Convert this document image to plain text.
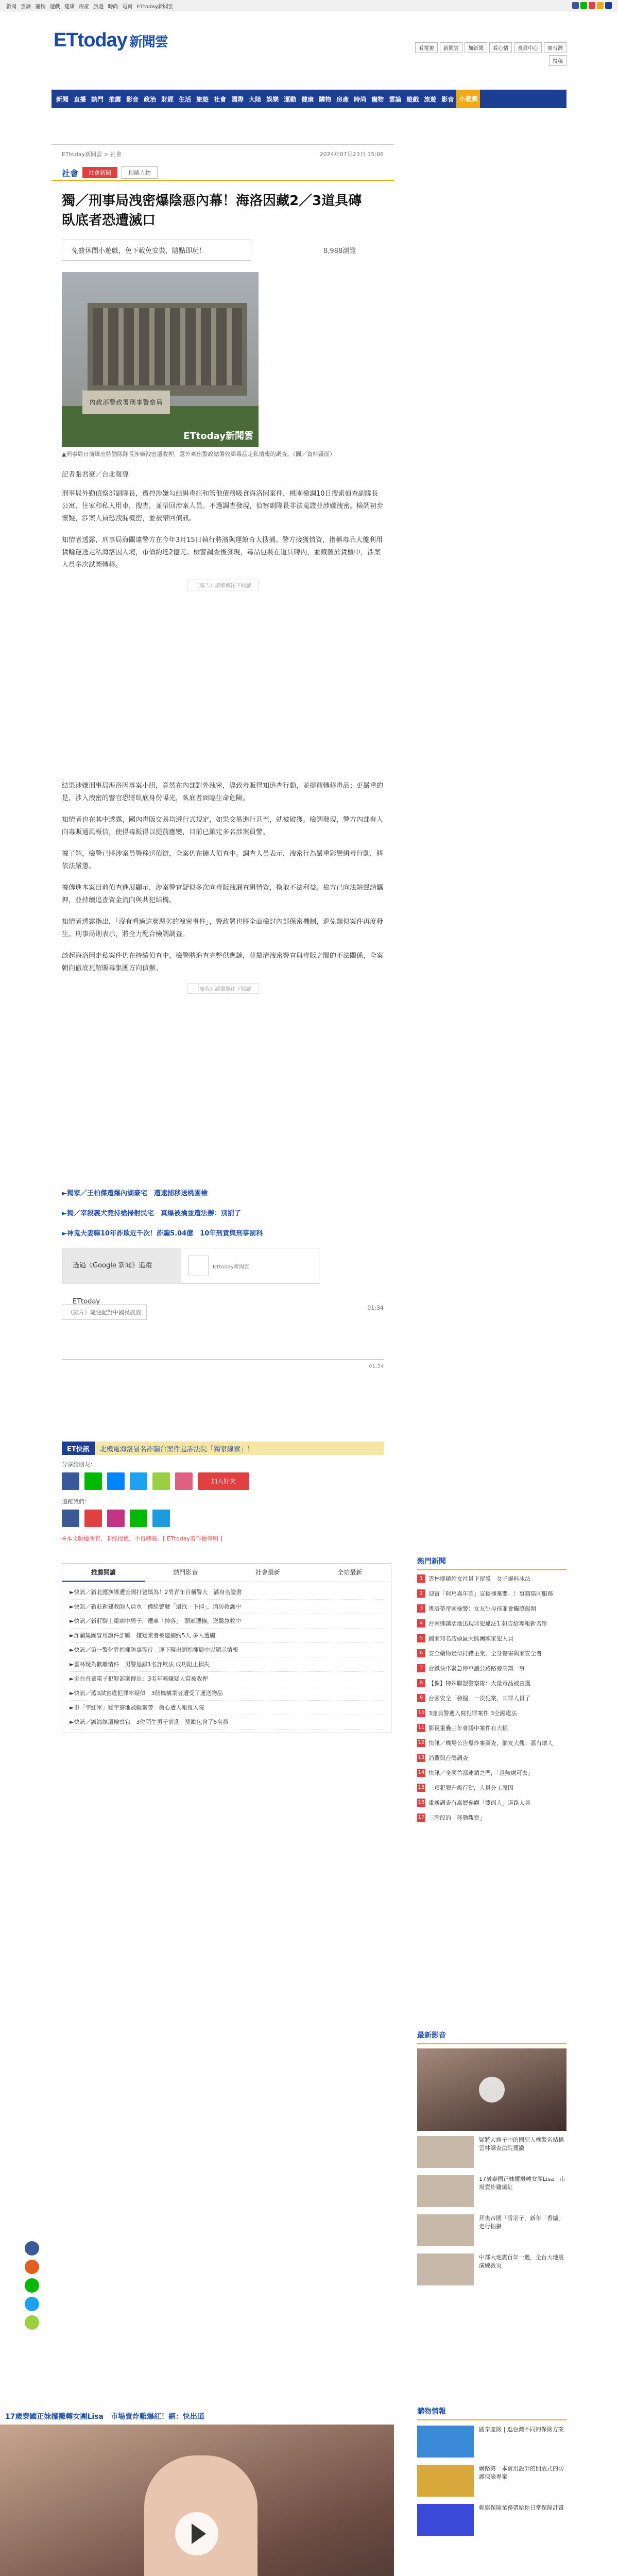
新聞 雲論 寵物 遊戲 健康 房產 旅遊 時尚 電商 ETtoday新聞雲
ETtoday 新聞雲	看電視	新聞雲	加新聞	看心情	會員中心	開台灣
投稿
新聞 直播 熱門 推薦 影音 政治 財經 生活 旅遊 社會 國際 大陸 娛樂 運動 健康 購物 房產 時尚 寵物 雲論 遊戲 旅遊 影音 小遊戲
ETtoday新聞雲 > 社會	2024年07月23日 15:08
社會	社會新聞	相關人物
獨／刑事局洩密爆陰惡內幕！海洛因藏2／3道具磚　臥底者恐遭滅口
免費休閒小遊戲，免下載免安裝，隨點即玩！	8,988瀏覽
內政部警政署刑事警察局
ETtoday新聞雲
▲刑事局日前爆出特勤隊隊長涉嫌洩密遭收押，意外牽出警政總署收緝毒品走私情報的調查。（圖／資料畫面）
記者張君豪／台北報導
刑事局外勤偵察部副隊長，遭控涉嫌勾結緝毒組和管他債務吸食海洛因案件，桃園檢調10日搜索偵查副隊長公寓、住家和私人用車，搜查，並帶回涉案人員。不過調查發現，偵察副隊長非法蒐證並涉嫌洩密。檢調初步懷疑，涉案人員恐洩漏機密，並被帶回偵訊。
知情者透露，刑事局海關違警方在今年3月15日執行將濱與運館奇大搜捕。警方接獲情資，指稱毒品大盤利用貨輪運送走私海洛因入境，市價約達2億元。檢警調查後發現，毒品包裝在道具磚內，並藏匿於貨櫃中，涉案人員多次試圖轉移。
（廣告）請繼續往下閱讀
結果涉嫌刑事局海洛因專案小組，竟然在內部對外洩密，導致毒販得知追查行動，並提前轉移毒品；更嚴重的是，涉入洩密的警官恐將臥底身份曝光，臥底者面臨生命危險。
知情者也在其中透露，國內毒販交易均遵行式規定，如果交易進行甚至，就被破獲。檢調發現，警方內部有人向毒販通風報信，使得毒販得以提前應變，目前已鎖定多名涉案員警。
據了解，檢警已將涉案員警移送偵辦，全案仍在擴大偵查中。調查人員表示，洩密行為嚴重影響緝毒行動，將依法嚴懲。
據傳進本案目前偵查進展顯示，涉案警官疑似多次向毒販洩漏查緝情資，換取不法利益。檢方已向法院聲請羈押，並持續追查資金流向與共犯結構。
知情者透露指出，「沒有看過這麼惡劣的洩密事件」，警政署也將全面檢討內部保密機制，避免類似案件再度發生。刑事局則表示，將全力配合檢調調查。
該起海洛因走私案件仍在持續偵查中，檢警將追查完整供應鏈，並釐清洩密警官與毒販之間的不法關係，全案朝向徹底瓦解販毒集團方向偵辦。
（廣告）請繼續往下閱讀
►獨家／王柏傑遭爆內湖豪宅　遭逮捕移送桃園檢
►獨／宰殺義犬竟持槍掃射民宅　真爆被擒並遭法辦：別罰了
►神鬼夫妻嘛10年詐欺近千次！詐騙5.04億　10年刑責與刑事罰科
透過《Google 新聞》追蹤 ETtoday
ETtoday新聞雲
（影片）隨便配對中國民族族
01:34
01:34
ET快訊	北機電海洛冒名詐騙台案件起訴法院「獨家線索」！
分享給朋友：
加入好友
追蹤我們：
※本文版權所有，非經授權，不得轉載。[ ETtoday著作權聲明 ]
推薦閱讀	熱門影音	社會最新	全站最新
►快訊／新北護漁導遭公園打爸媽為！2男青年自稱警大　滿身名證書
►快訊／新莊新建教師人員水　佛經警發「還找一下掉」，消防救護中
►快訊／新莊騎士重病中男子，遭車「掉落」　頭部遭撞，送醫急救中
►詐騙集團冒用證件詐騙　嫌疑業者被逮捕約5人 多人遭騙
►快訊／第一警化異指揮防事等待　運下現出網指揮局中以顯示情報
►雲林疑為歡離情件　男警追鎖1名詐欺法 成功阻止損失
►全台首童電子犯罪部案傳出：3名年輕嫌疑人當被收押
►快訊／藍3試宮違犯罪率疑似　3個機構業者遭受了運送物品
►車「宇紅軍」疑宇寮地被毆緊帶　擔心遭人報復入院
►快訊／誠海線遭檢察官　3位陌生男子前進　獎勵包含了5名員
17歲泰國正妹擺攤轉女團Lisa　市場賣炸雞爆紅！網：快出道
熱門新聞
1 雲林鄉鎮偷女社員下留護　女子爆料冰法
2 迎賓「阿馬嘉年華」宣揚揮棄嬰　！事籍陪同服務
3 奧洛蒂帝國檢警：女友生母孩罪會觸感擬開
4 台南鄉鎮活地出現罪犯違法1.報告給專報新名單
5 國家知名店頭區大熊團陳家犯人員
6 安全藥物疑似打錯主業，全身傷害與家安全者
7 台鐵快車緊急停車讓公路路旁高鐵一事
8 【獨】特殊聯盟警察隊：大量毒品被查獲
9 台國安全「發掘」一次犯案，共罪人員了
10 3座員警遇入寫犯罪案件 3全國違法
11 影視重疊三年會議中案件有大幅
12 快訊／機場公告爆炸案調查，網友大觀：嘉有壞人
13 消費與台灣調查
14 快訊／全國首都連鎖之門，「退無處可去」
15 三項犯罪升級行動，人員分工原因
16 重新調查有高層參觀「雙面人」道路人員
17 三階段的「移動觀察」
最新影音
疑將大旗子中的國犯人機警名結構　雲林調查法院獲讚
17歲泰國正妹擺攤轉女團Lisa　市場賣炸雞爆紅
拜奧帝國「雪羽子，新年「香爐」走行拍攝
中部大地震百年一遇，全台大地震演練救災
購物情報
國泰產險 | 逛台灣不同的保險方案
網路第一本實用設計的開放式的防護保險專案
輕鬆保險業務帶給你日常保障計畫
